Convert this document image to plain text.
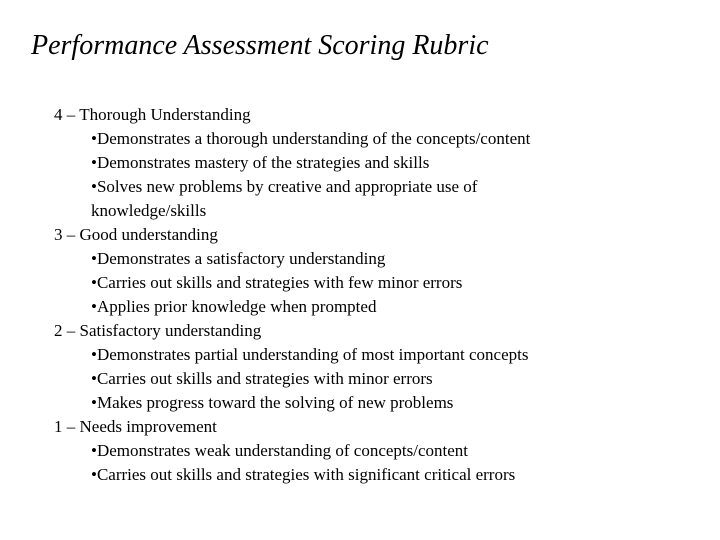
Performance Assessment Scoring Rubric
4 – Thorough Understanding
•Demonstrates a thorough understanding of the concepts/content
•Demonstrates mastery of the strategies and skills
•Solves new problems by creative and appropriate use of knowledge/skills
3 – Good understanding
•Demonstrates a satisfactory understanding
•Carries out skills and strategies with few minor errors
•Applies prior knowledge when prompted
2 – Satisfactory understanding
•Demonstrates partial understanding of most important concepts
•Carries out skills and strategies with minor errors
•Makes progress toward the solving of new problems
1 – Needs improvement
•Demonstrates weak understanding of concepts/content
•Carries out skills and strategies with significant critical errors
